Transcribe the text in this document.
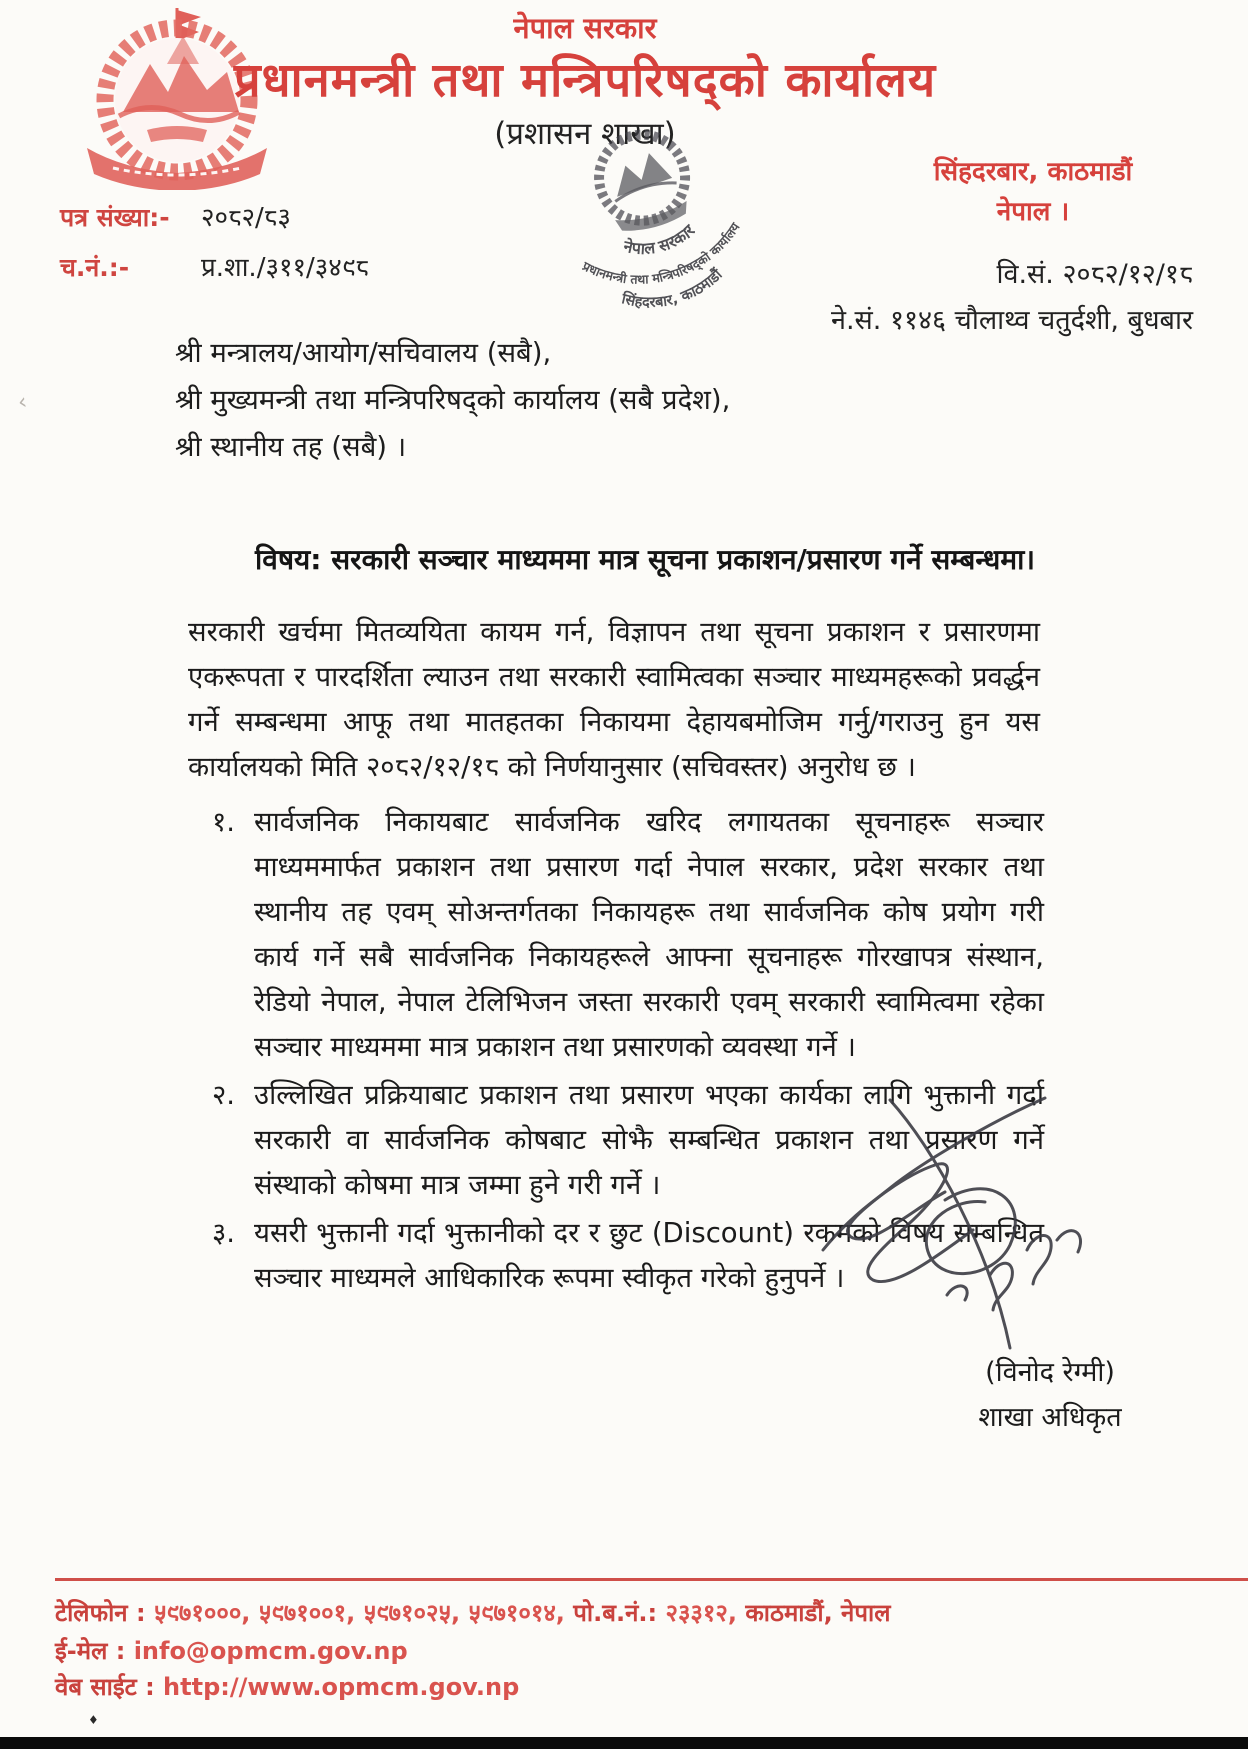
नेपाल सरकार
प्रधानमन्त्री तथा मन्त्रिपरिषद्को कार्यालय
(प्रशासन शाखा)
नेपाल सरकार
प्रधानमन्त्री तथा मन्त्रिपरिषद्को कार्यालय
सिंहदरबार, काठमाडौं
सिंहदरबार, काठमाडौं
नेपाल ।
पत्र संख्या:- २०८२/८३
च.नं.:-	प्र.शा./३११/३४९८	वि.सं. २०८२/१२/१८
ने.सं. ११४६ चौलाथ्व चतुर्दशी, बुधबार
श्री मन्त्रालय/आयोग/सचिवालय (सबै),
श्री मुख्यमन्त्री तथा मन्त्रिपरिषद्को कार्यालय (सबै प्रदेश),
श्री स्थानीय तह (सबै) ।
विषय: सरकारी सञ्चार माध्यममा मात्र सूचना प्रकाशन/प्रसारण गर्ने सम्बन्धमा।
सरकारी खर्चमा मितव्ययिता कायम गर्न, विज्ञापन तथा सूचना प्रकाशन र प्रसारणमा एकरूपता र पारदर्शिता ल्याउन तथा सरकारी स्वामित्वका सञ्चार माध्यमहरूको प्रवर्द्धन गर्ने सम्बन्धमा आफू तथा मातहतका निकायमा देहायबमोजिम गर्नु/गराउनु हुन यस कार्यालयको मिति २०८२/१२/१८ को निर्णयानुसार (सचिवस्तर) अनुरोध छ ।
१. सार्वजनिक निकायबाट सार्वजनिक खरिद लगायतका सूचनाहरू सञ्चार माध्यममार्फत प्रकाशन तथा प्रसारण गर्दा नेपाल सरकार, प्रदेश सरकार तथा स्थानीय तह एवम् सोअन्तर्गतका निकायहरू तथा सार्वजनिक कोष प्रयोग गरी कार्य गर्ने सबै सार्वजनिक निकायहरूले आफ्ना सूचनाहरू गोरखापत्र संस्थान, रेडियो नेपाल, नेपाल टेलिभिजन जस्ता सरकारी एवम् सरकारी स्वामित्वमा रहेका सञ्चार माध्यममा मात्र प्रकाशन तथा प्रसारणको व्यवस्था गर्ने ।
२. उल्लिखित प्रक्रियाबाट प्रकाशन तथा प्रसारण भएका कार्यका लागि भुक्तानी गर्दा सरकारी वा सार्वजनिक कोषबाट सोझै सम्बन्धित प्रकाशन तथा प्रसारण गर्ने संस्थाको कोषमा मात्र जम्मा हुने गरी गर्ने ।
३. यसरी भुक्तानी गर्दा भुक्तानीको दर र छुट (Discount) रकमको विषय सम्बन्धित सञ्चार माध्यमले आधिकारिक रूपमा स्वीकृत गरेको हुनुपर्ने ।
(विनोद रेग्मी)
शाखा अधिकृत
टेलिफोन : ५९७१०००, ५९७१००१, ५९७१०२५, ५९७१०१४, पो.ब.नं.: २३३१२, काठमाडौं, नेपाल
ई-मेल : info@opmcm.gov.np
वेब साईट : http://www.opmcm.gov.np
‹
♦
